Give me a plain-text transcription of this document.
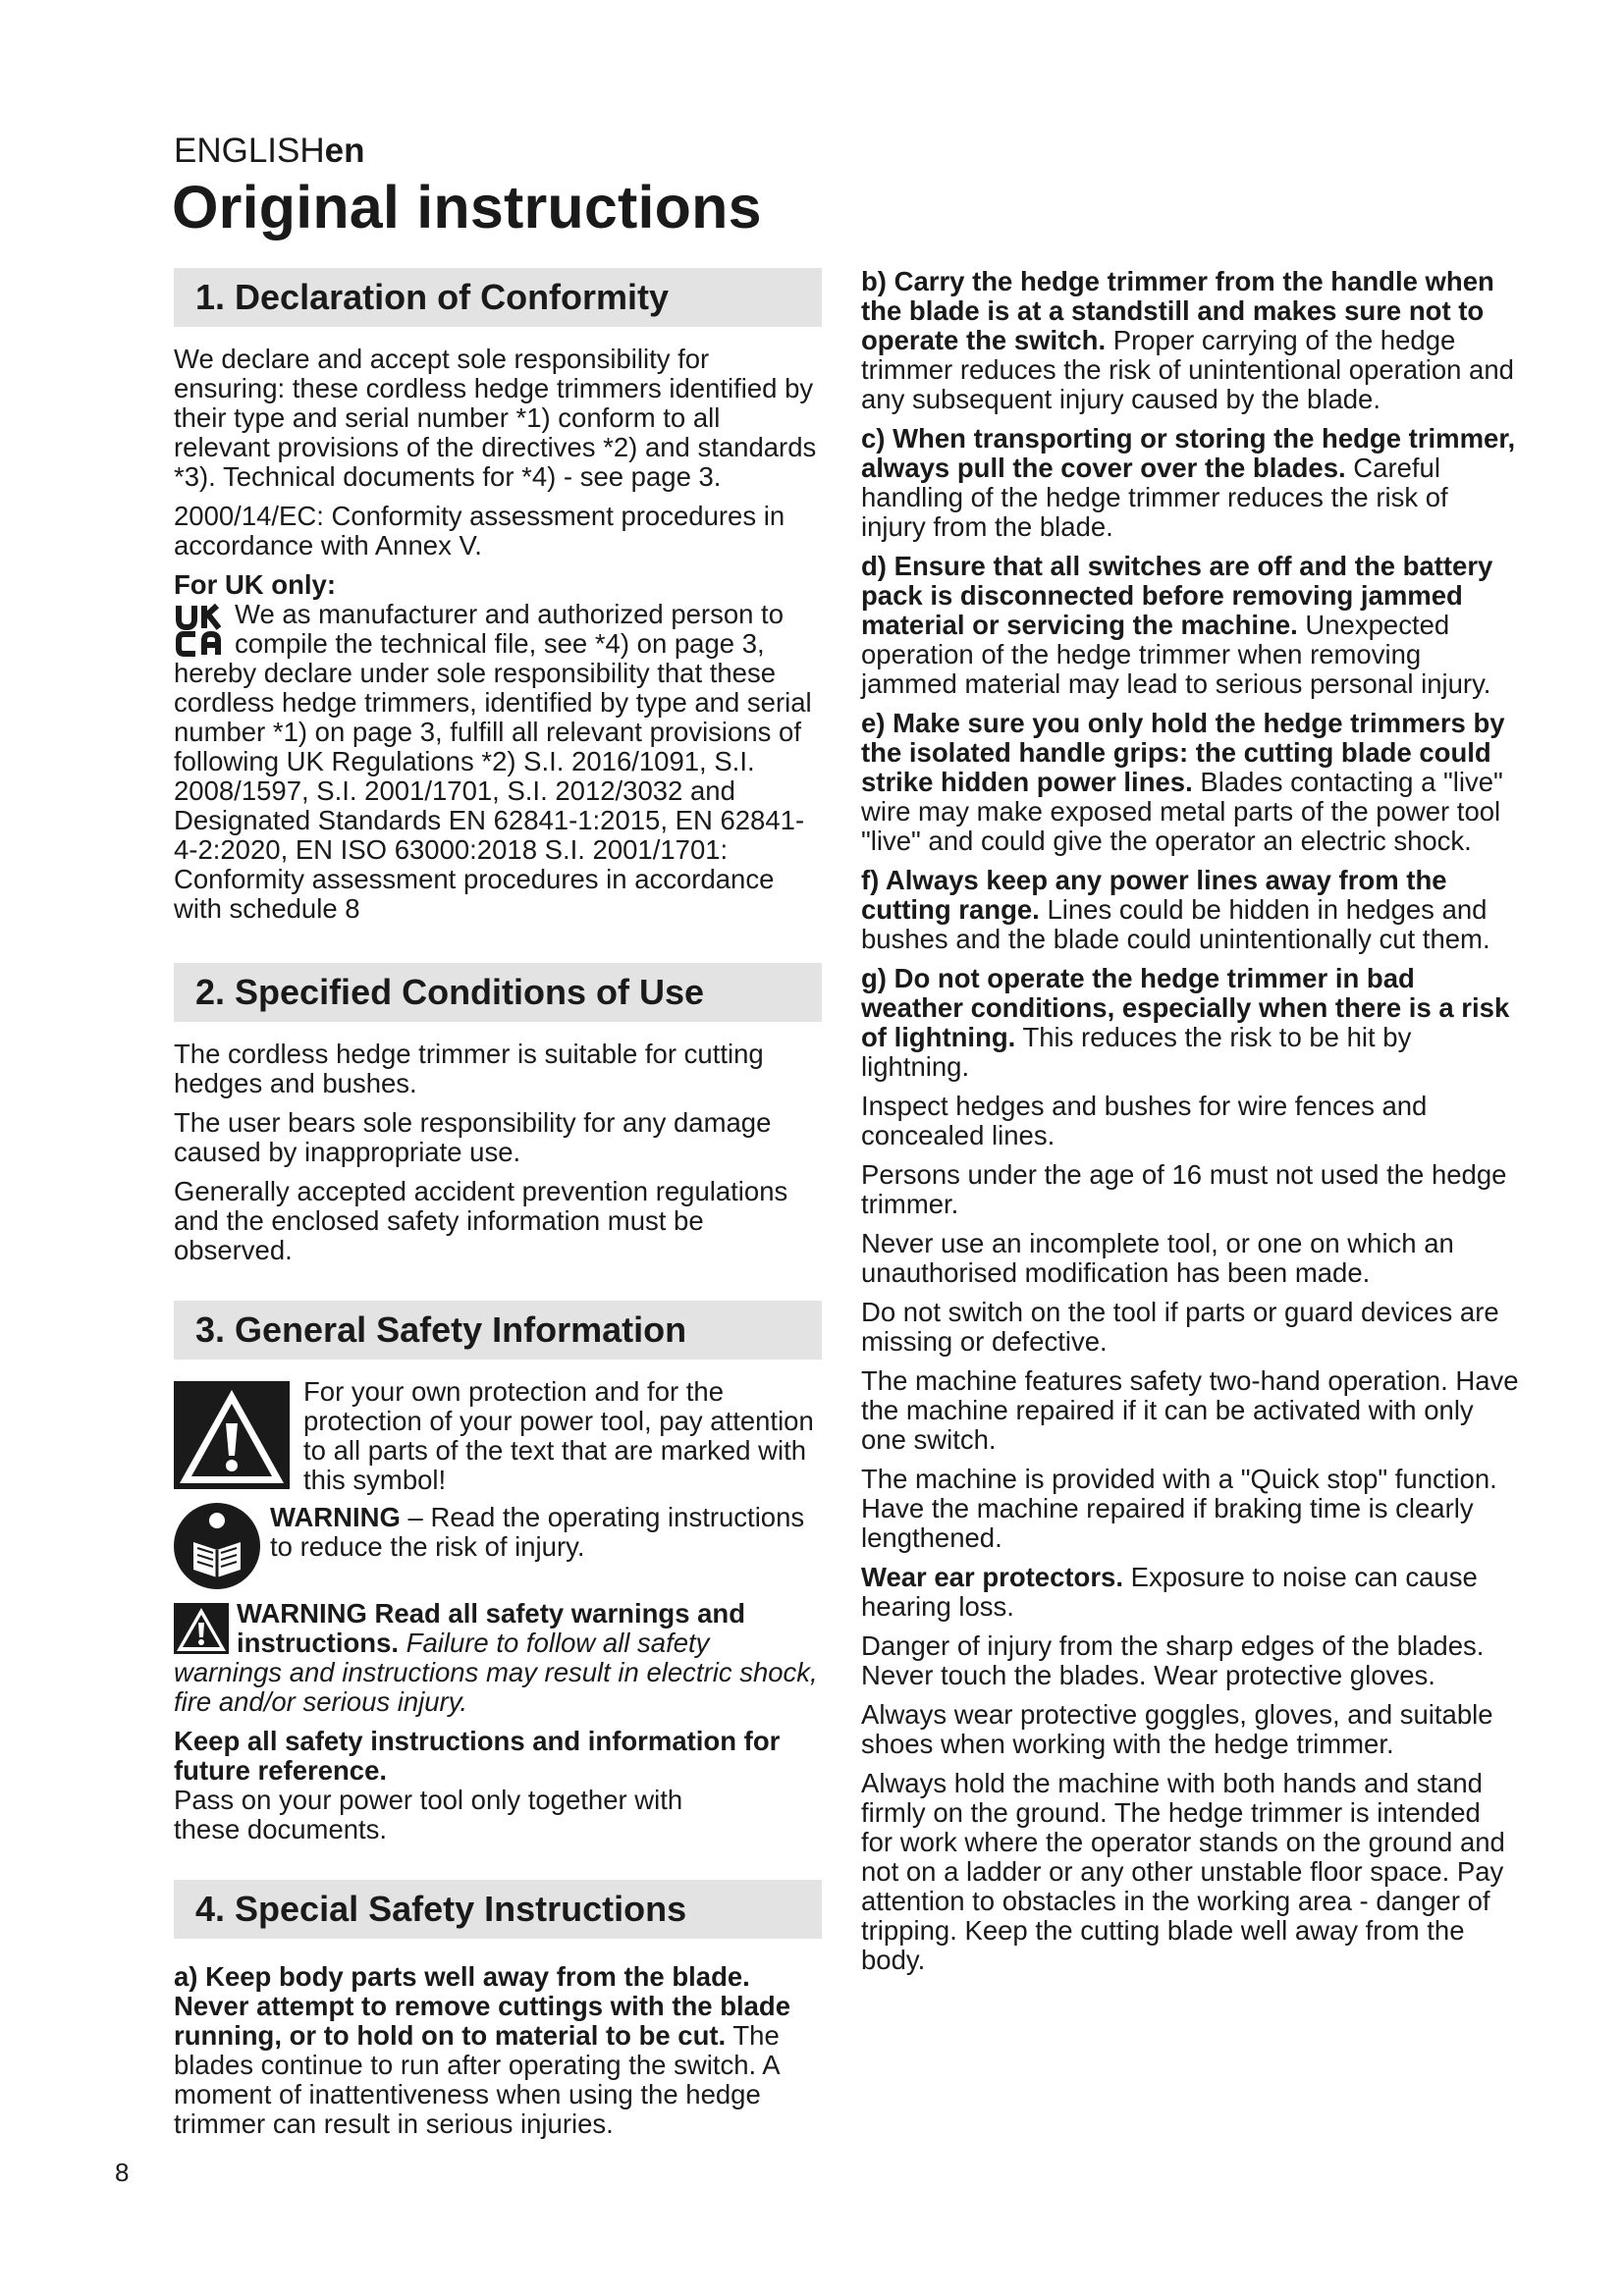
ENGLISHen
Original instructions
1. Declaration of Conformity
We declare and accept sole responsibility for ensuring: these cordless hedge trimmers identified by their type and serial number *1) conform to all relevant provisions of the directives *2) and standards *3). Technical documents for *4) - see page 3.
2000/14/EC: Conformity assessment procedures in accordance with Annex V.
For UK only:
We as manufacturer and authorized person to compile the technical file, see *4) on page 3, hereby declare under sole responsibility that these cordless hedge trimmers, identified by type and serial number *1) on page 3, fulfill all relevant provisions of following UK Regulations *2) S.I. 2016/1091, S.I. 2008/1597, S.I. 2001/1701, S.I. 2012/3032 and Designated Standards EN 62841-1:2015, EN 62841-4-2:2020, EN ISO 63000:2018 S.I. 2001/1701: Conformity assessment procedures in accordance with schedule 8
2. Specified Conditions of Use
The cordless hedge trimmer is suitable for cutting hedges and bushes.
The user bears sole responsibility for any damage caused by inappropriate use.
Generally accepted accident prevention regulations and the enclosed safety information must be observed.
3. General Safety Information
For your own protection and for the protection of your power tool, pay attention to all parts of the text that are marked with this symbol!
WARNING – Read the operating instructions to reduce the risk of injury.
WARNING Read all safety warnings and instructions. Failure to follow all safety warnings and instructions may result in electric shock, fire and/or serious injury.
Keep all safety instructions and information for future reference.
Pass on your power tool only together with these documents.
4. Special Safety Instructions
a) Keep body parts well away from the blade. Never attempt to remove cuttings with the blade running, or to hold on to material to be cut. The blades continue to run after operating the switch. A moment of inattentiveness when using the hedge trimmer can result in serious injuries.
b) Carry the hedge trimmer from the handle when the blade is at a standstill and makes sure not to operate the switch. Proper carrying of the hedge trimmer reduces the risk of unintentional operation and any subsequent injury caused by the blade.
c) When transporting or storing the hedge trimmer, always pull the cover over the blades. Careful handling of the hedge trimmer reduces the risk of injury from the blade.
d) Ensure that all switches are off and the battery pack is disconnected before removing jammed material or servicing the machine. Unexpected operation of the hedge trimmer when removing jammed material may lead to serious personal injury.
e) Make sure you only hold the hedge trimmers by the isolated handle grips: the cutting blade could strike hidden power lines. Blades contacting a "live" wire may make exposed metal parts of the power tool "live" and could give the operator an electric shock.
f) Always keep any power lines away from the cutting range. Lines could be hidden in hedges and bushes and the blade could unintentionally cut them.
g) Do not operate the hedge trimmer in bad weather conditions, especially when there is a risk of lightning. This reduces the risk to be hit by lightning.
Inspect hedges and bushes for wire fences and concealed lines.
Persons under the age of 16 must not used the hedge trimmer.
Never use an incomplete tool, or one on which an unauthorised modification has been made.
Do not switch on the tool if parts or guard devices are missing or defective.
The machine features safety two-hand operation. Have the machine repaired if it can be activated with only one switch.
The machine is provided with a "Quick stop" function. Have the machine repaired if braking time is clearly lengthened.
Wear ear protectors. Exposure to noise can cause hearing loss.
Danger of injury from the sharp edges of the blades. Never touch the blades. Wear protective gloves.
Always wear protective goggles, gloves, and suitable shoes when working with the hedge trimmer.
Always hold the machine with both hands and stand firmly on the ground. The hedge trimmer is intended for work where the operator stands on the ground and not on a ladder or any other unstable floor space. Pay attention to obstacles in the working area - danger of tripping. Keep the cutting blade well away from the body.
8
